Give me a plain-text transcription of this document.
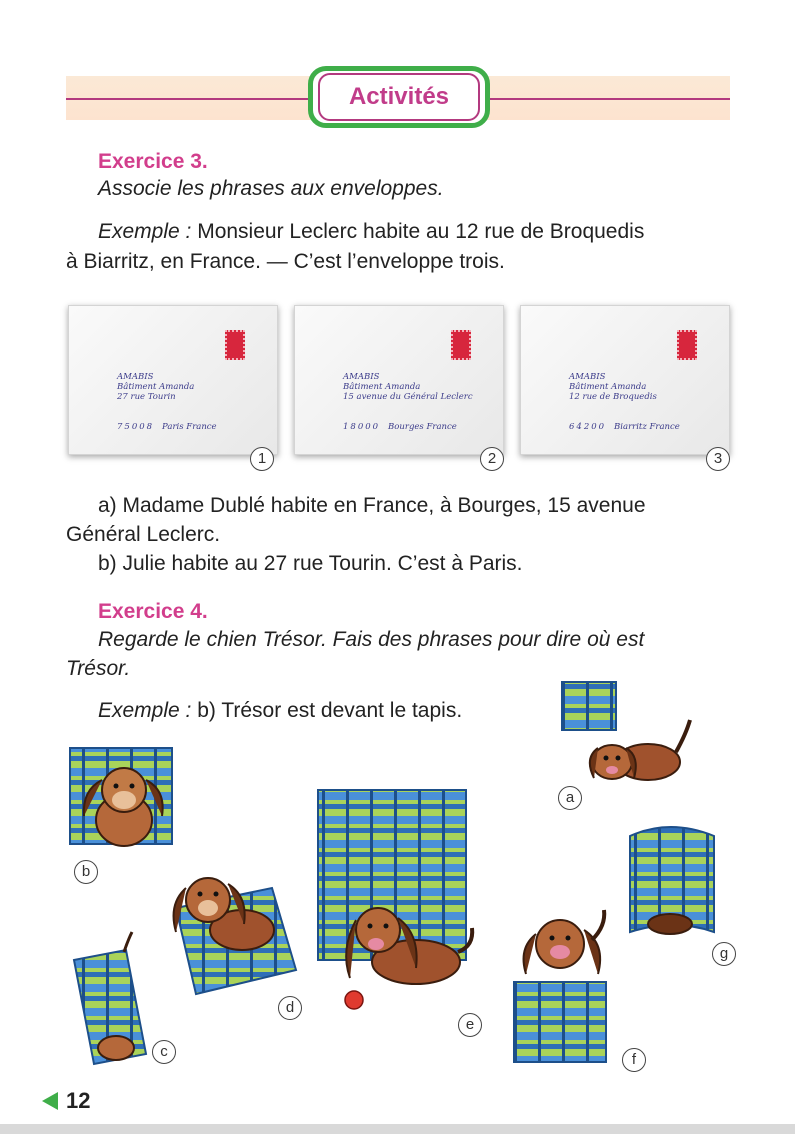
Activités
Exercice 3.
Associe les phrases aux enveloppes.
Exemple : Monsieur Leclerc habite au 12 rue de Broquedis
à Biarritz, en France. — C’est l’enveloppe trois.
AMABIS
Bâtiment Amanda
27 rue Tourin
75008 Paris France
1
AMABIS
Bâtiment Amanda
15 avenue du Général Leclerc
18000 Bourges France
2
AMABIS
Bâtiment Amanda
12 rue de Broquedis
64200 Biarritz France
3
a) Madame Dublé habite en France, à Bourges, 15 avenue
Général Leclerc.
b) Julie habite au 27 rue Tourin. C’est à Paris.
Exercice 4.
Regarde le chien Trésor. Fais des phrases pour dire où est
Trésor.
Exemple : b) Trésor est devant le tapis.
a
b
c
d
e
f
g
12
